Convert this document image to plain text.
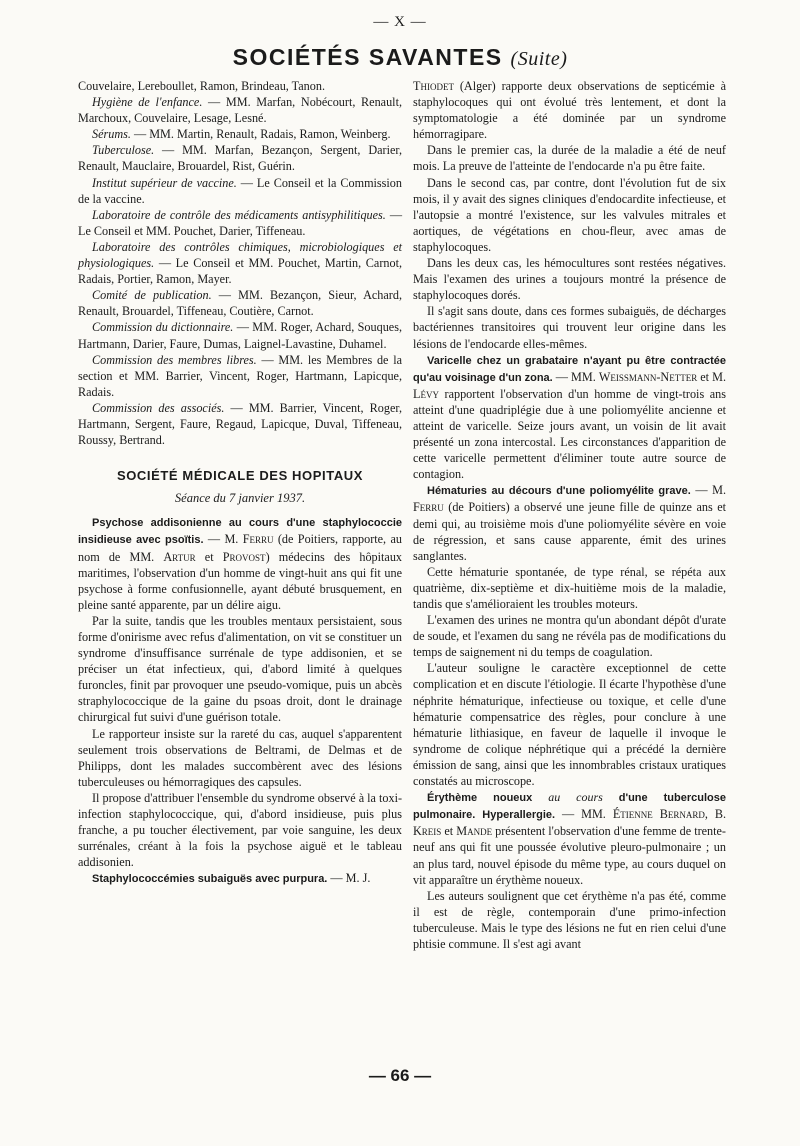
— X —
SOCIÉTÉS SAVANTES (Suite)

Couvelaire, Lereboullet, Ramon, Brindeau, Tanon.

Hygiène de l'enfance. — MM. Marfan, Nobécourt, Renault, Marchoux, Couvelaire, Lesage, Lesné.

Sérums. — MM. Martin, Renault, Radais, Ramon, Weinberg.

Tuberculose. — MM. Marfan, Bezançon, Sergent, Darier, Renault, Mauclaire, Brouardel, Rist, Guérin.

Institut supérieur de vaccine. — Le Conseil et la Commission de la vaccine.

Laboratoire de contrôle des médicaments antisyphilitiques. — Le Conseil et MM. Pouchet, Darier, Tiffeneau.

Laboratoire des contrôles chimiques, microbiologiques et physiologiques. — Le Conseil et MM. Pouchet, Martin, Carnot, Radais, Portier, Ramon, Mayer.

Comité de publication. — MM. Bezançon, Sieur, Achard, Renault, Brouardel, Tiffeneau, Coutière, Carnot.

Commission du dictionnaire. — MM. Roger, Achard, Souques, Hartmann, Darier, Faure, Dumas, Laignel-Lavastine, Duhamel.

Commission des membres libres. — MM. les Membres de la section et MM. Barrier, Vincent, Roger, Hartmann, Lapicque, Radais.

Commission des associés. — MM. Barrier, Vincent, Roger, Hartmann, Sergent, Faure, Regaud, Lapicque, Duval, Tiffeneau, Roussy, Bertrand.

SOCIÉTÉ MÉDICALE DES HOPITAUX
Séance du 7 janvier 1937.

Psychose addisonienne au cours d'une staphylococcie insidieuse avec psoïtis. — M. Ferru (de Poitiers, rapporte, au nom de MM. Artur et Provost) médecins des hôpitaux maritimes, l'observation d'un homme de vingt-huit ans qui fit une psychose à forme confusionnelle, ayant débuté brusquement, en pleine santé apparente, par un délire aigu.

Par la suite, tandis que les troubles mentaux persistaient, sous forme d'onirisme avec refus d'alimentation, on vit se constituer un syndrome d'insuffisance surrénale de type addisonien, et se préciser un état infectieux, qui, d'abord limité à quelques furoncles, finit par provoquer une pseudo-vomique, puis un abcès straphylococcique de la gaine du psoas droit, dont le drainage chirurgical fut suivi d'une guérison totale.

Le rapporteur insiste sur la rareté du cas, auquel s'apparentent seulement trois observations de Beltrami, de Delmas et de Philipps, dont les malades succombèrent avec des lésions tuberculeuses ou hémorragiques des capsules.

Il propose d'attribuer l'ensemble du syndrome observé à la toxi-infection staphylococcique, qui, d'abord insidieuse, puis plus franche, a pu toucher électivement, par voie sanguine, les deux surrénales, créant à la fois la psychose aiguë et le tableau addisonien.

Staphylococcémies subaiguës avec purpura. — M. J.

Thiodet (Alger) rapporte deux observations de septicémie à staphylocoques qui ont évolué très lentement, et dont la symptomatologie a été dominée par un syndrome hémorragipare.

Dans le premier cas, la durée de la maladie a été de neuf mois. La preuve de l'atteinte de l'endocarde n'a pu être faite.

Dans le second cas, par contre, dont l'évolution fut de six mois, il y avait des signes cliniques d'endocardite infectieuse, et l'autopsie a montré l'existence, sur les valvules mitrales et aortiques, de végétations en chou-fleur, avec amas de staphylocoques.

Dans les deux cas, les hémocultures sont restées négatives. Mais l'examen des urines a toujours montré la présence de staphylocoques dorés.

Il s'agit sans doute, dans ces formes subaiguës, de décharges bactériennes transitoires qui trouvent leur origine dans les lésions de l'endocarde elles-mêmes.

Varicelle chez un grabataire n'ayant pu être contractée qu'au voisinage d'un zona. — MM. Weissmann-Netter et M. Lévy rapportent l'observation d'un homme de vingt-trois ans atteint d'une quadriplégie due à une poliomyélite ancienne et atteint de varicelle. Seize jours avant, un voisin de lit avait présenté un zona intercostal. Les circonstances d'apparition de cette varicelle permettent d'éliminer toute autre source de contagion.

Hématuries au décours d'une poliomyélite grave. — M. Ferru (de Poitiers) a observé une jeune fille de quinze ans et demi qui, au troisième mois d'une poliomyélite sévère en voie de régression, et sans cause apparente, émit des urines sanglantes.

Cette hématurie spontanée, de type rénal, se répéta aux quatrième, dix-septième et dix-huitième mois de la maladie, tandis que s'amélioraient les troubles moteurs.

L'examen des urines ne montra qu'un abondant dépôt d'urate de soude, et l'examen du sang ne révéla pas de modifications du temps de saignement ni du temps de coagulation.

L'auteur souligne le caractère exceptionnel de cette complication et en discute l'étiologie. Il écarte l'hypothèse d'une néphrite hématurique, infectieuse ou toxique, et celle d'une hématurie compensatrice des règles, pour conclure à une hématurie lithiasique, en faveur de laquelle il invoque le syndrome de colique néphrétique qui a précédé la dernière émission de sang, ainsi que les innombrables cristaux uratiques constatés au microscope.

Érythème noueux au cours d'une tuberculose pulmonaire. Hyperallergie. — MM. Étienne Bernard, B. Kreis et Mande présentent l'observation d'une femme de trente-neuf ans qui fit une poussée évolutive pleuro-pulmonaire ; un an plus tard, nouvel épisode du même type, au cours duquel on vit apparaître un érythème noueux.

Les auteurs soulignent que cet érythème n'a pas été, comme il est de règle, contemporain d'une primo-infection tuberculeuse. Mais le type des lésions ne fut en rien celui d'une phtisie commune. Il s'est agi avant

— 66 —
